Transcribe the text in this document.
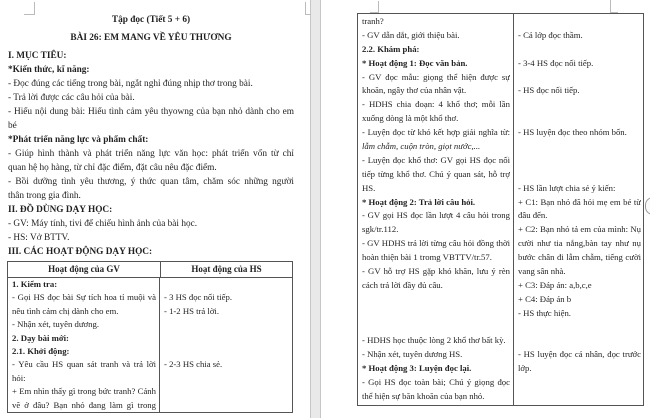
Tập đọc (Tiết 5 + 6)
BÀI 26: EM MANG VỀ YÊU THƯƠNG
I. MỤC TIÊU:
*Kiến thức, kĩ năng:
- Đọc đúng các tiếng trong bài, ngắt nghỉ đúng nhịp thơ trong bài.
- Trả lời được các câu hỏi của bài.
- Hiểu nội dung bài: Hiểu tình cảm yêu thyowng của bạn nhỏ dành cho em
bé
*Phát triển năng lực và phẩm chất:
- Giúp hình thành và phát triển năng lực văn học: phát triển vốn từ chỉ
quan hệ họ hàng, từ chỉ đặc điểm, đặt câu nêu đặc điểm.
- Bồi dưỡng tình yêu thương, ý thức quan tâm, chăm sóc những người
thân trong gia đình.
II. ĐỒ DÙNG DẠY HỌC:
- GV: Máy tính, tivi để chiếu hình ảnh của bài học.
- HS: Vở BTTV.
III. CÁC HOẠT ĐỘNG DẠY HỌC:
Hoạt động của GV	Hoạt động của HS
1. Kiểm tra:
- Gọi HS đọc bài Sự tích hoa tỉ muội và
nêu tình cảm chị dành cho em.
- Nhận xét, tuyên dương.
2. Dạy bài mới:
2.1. Khởi động:
- Yêu cầu HS quan sát tranh và trả lời
hỏi:
+ Em nhìn thấy gì trong bức tranh? Cảnh
vẽ ở đâu? Bạn nhỏ đang làm gì trong

- 3 HS đọc nối tiếp.
- 1-2 HS trả lời.

- 2-3 HS chia sẻ.

tranh?
- GV dẫn dắt, giới thiệu bài.
2.2. Khám phá:
* Hoạt động 1: Đọc văn bản.
- GV đọc mẫu: giọng thể hiện được sự
khoăn, ngây thơ của nhân vật.
- HDHS chia đoạn: 4 khổ thơ; mỗi lần
xuống dòng là một khổ thơ.
- Luyện đọc từ khó kết hợp giải nghĩa từ:
lẫm chẫm, cuộn tròn, giọt nước,...
- Luyện đọc khổ thơ: GV gọi HS đọc nối
tiếp từng khổ thơ. Chú ý quan sát, hỗ trợ
HS.
* Hoạt động 2: Trả lời câu hỏi.
- GV gọi HS đọc lần lượt 4 câu hỏi trong
sgk/tr.112.
- GV HDHS trả lời từng câu hỏi đồng thời
hoàn thiện bài 1 tromg VBTTV/tr.57.
- GV hỗ trợ HS gặp khó khăn, lưu ý rèn
cách trả lời đầy đủ câu.

- HDHS học thuộc lòng 2 khổ thơ bất kỳ.
- Nhận xét, tuyên dương HS.
* Hoạt động 3: Luyện đọc lại.
- Gọi HS đọc toàn bài; Chú ý giọng đọc
thể hiện sự băn khoăn của bạn nhỏ.

- Cả lớp đọc thầm.

- 3-4 HS đọc nối tiếp.

- HS đọc nối tiếp.

- HS luyện đọc theo nhóm bốn.

- HS lần lượt chia sẻ ý kiến:
+ C1: Bạn nhỏ đã hỏi mẹ em bé từ
đâu đến.
+ C2: Bạn nhỏ tả em của mình: Nụ
cười như tia nắng,bàn tay như nụ
bước chân đi lẫm chẫm, tiếng cười
vang sân nhà.
+ C3: Đáp án: a,b,c,e
+ C4: Đáp án b
- HS thực hiện.

- HS luyện đọc cá nhân, đọc trước
lớp.
